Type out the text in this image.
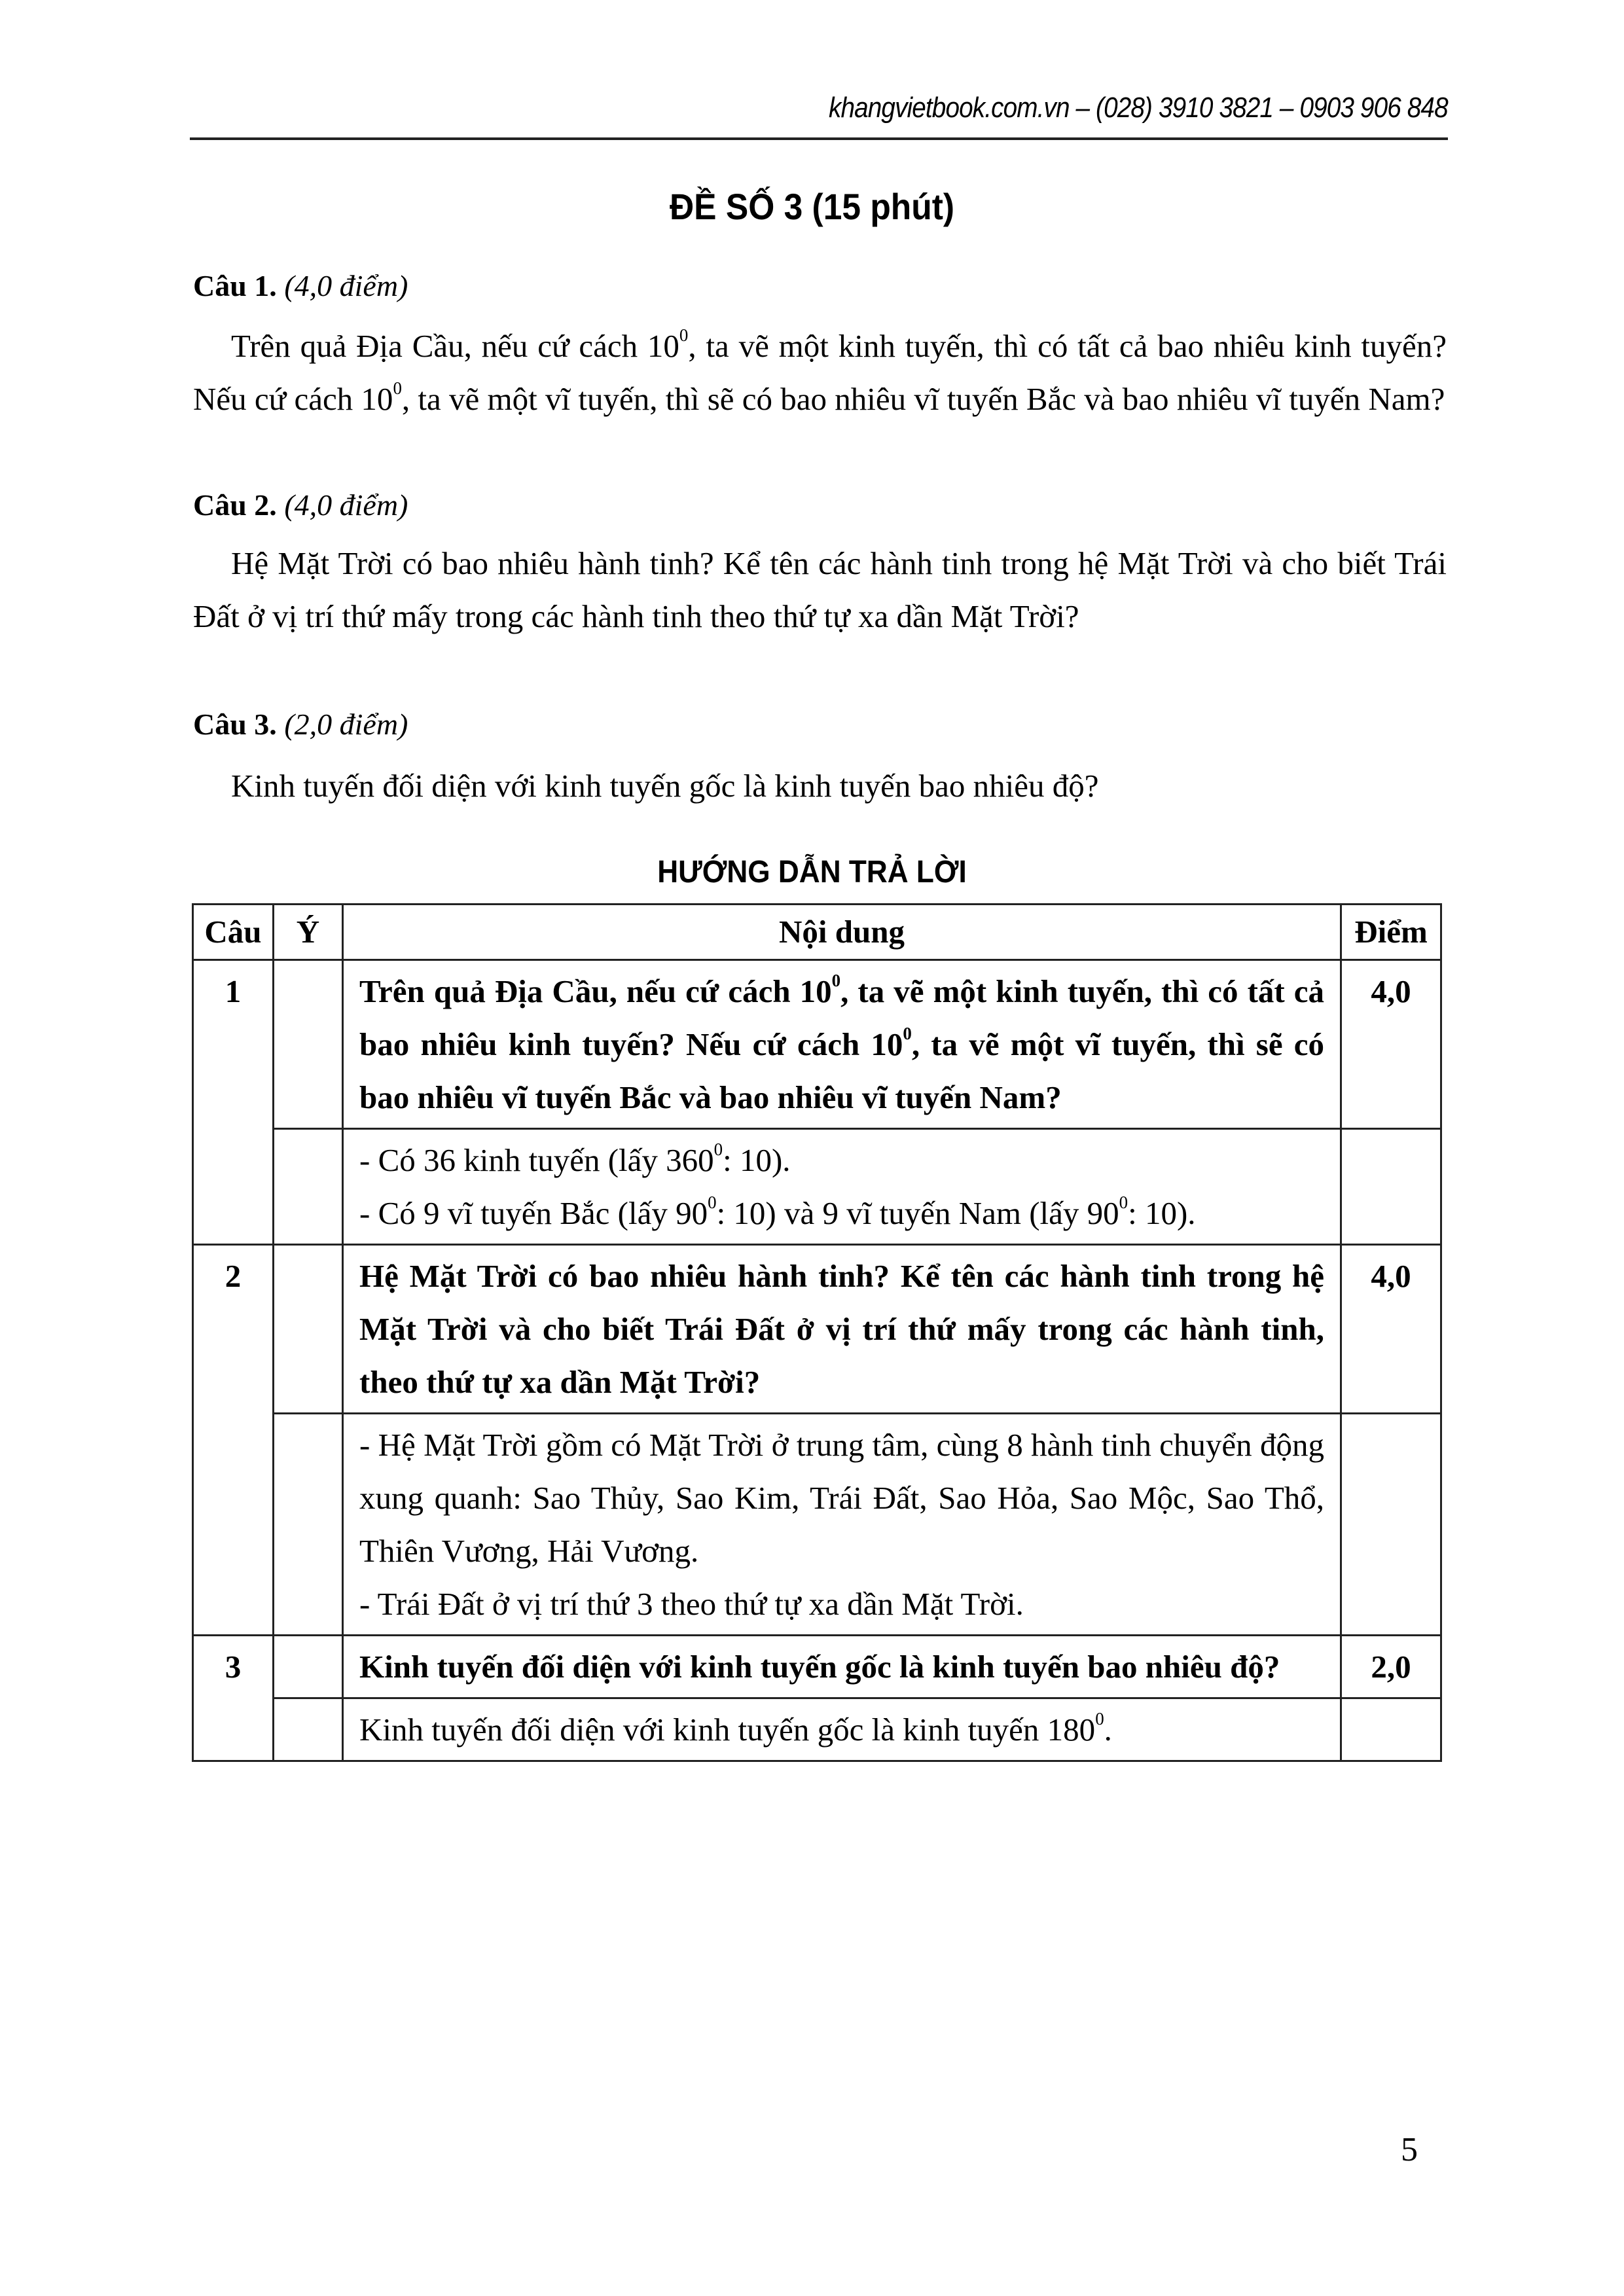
khangvietbook.com.vn – (028) 3910 3821 – 0903 906 848
ĐỀ SỐ 3 (15 phút)
Câu 1. (4,0 điểm)
Trên quả Địa Cầu, nếu cứ cách $10^0$, ta vẽ một kinh tuyến, thì có tất cả bao nhiêu kinh tuyến? Nếu cứ cách $10^0$, ta vẽ một vĩ tuyến, thì sẽ có bao nhiêu vĩ tuyến Bắc và bao nhiêu vĩ tuyến Nam?
Câu 2. (4,0 điểm)
Hệ Mặt Trời có bao nhiêu hành tinh? Kể tên các hành tinh trong hệ Mặt Trời và cho biết Trái Đất ở vị trí thứ mấy trong các hành tinh theo thứ tự xa dần Mặt Trời?
Câu 3. (2,0 điểm)
Kinh tuyến đối diện với kinh tuyến gốc là kinh tuyến bao nhiêu độ?
HƯỚNG DẪN TRẢ LỜI
Câu	Ý	Nội dung	Điểm
1		Trên quả Địa Cầu, nếu cứ cách $10^0$, ta vẽ một kinh tuyến, thì có tất cả bao nhiêu kinh tuyến? Nếu cứ cách $10^0$, ta vẽ một vĩ tuyến, thì sẽ có bao nhiêu vĩ tuyến Bắc và bao nhiêu vĩ tuyến Nam?	4,0

		- Có 36 kinh tuyến (lấy $360^0$: 10).
- Có 9 vĩ tuyến Bắc (lấy $90^0$: 10) và 9 vĩ tuyến Nam (lấy $90^0$: 10).	

2		Hệ Mặt Trời có bao nhiêu hành tinh? Kể tên các hành tinh trong hệ Mặt Trời và cho biết Trái Đất ở vị trí thứ mấy trong các hành tinh, theo thứ tự xa dần Mặt Trời?	4,0

		- Hệ Mặt Trời gồm có Mặt Trời ở trung tâm, cùng 8 hành tinh chuyển động xung quanh: Sao Thủy, Sao Kim, Trái Đất, Sao Hỏa, Sao Mộc, Sao Thổ, Thiên Vương, Hải Vương.
- Trái Đất ở vị trí thứ 3 theo thứ tự xa dần Mặt Trời.	

3		Kinh tuyến đối diện với kinh tuyến gốc là kinh tuyến bao nhiêu độ?	2,0
		Kinh tuyến đối diện với kinh tuyến gốc là kinh tuyến $180^0$.	
5
